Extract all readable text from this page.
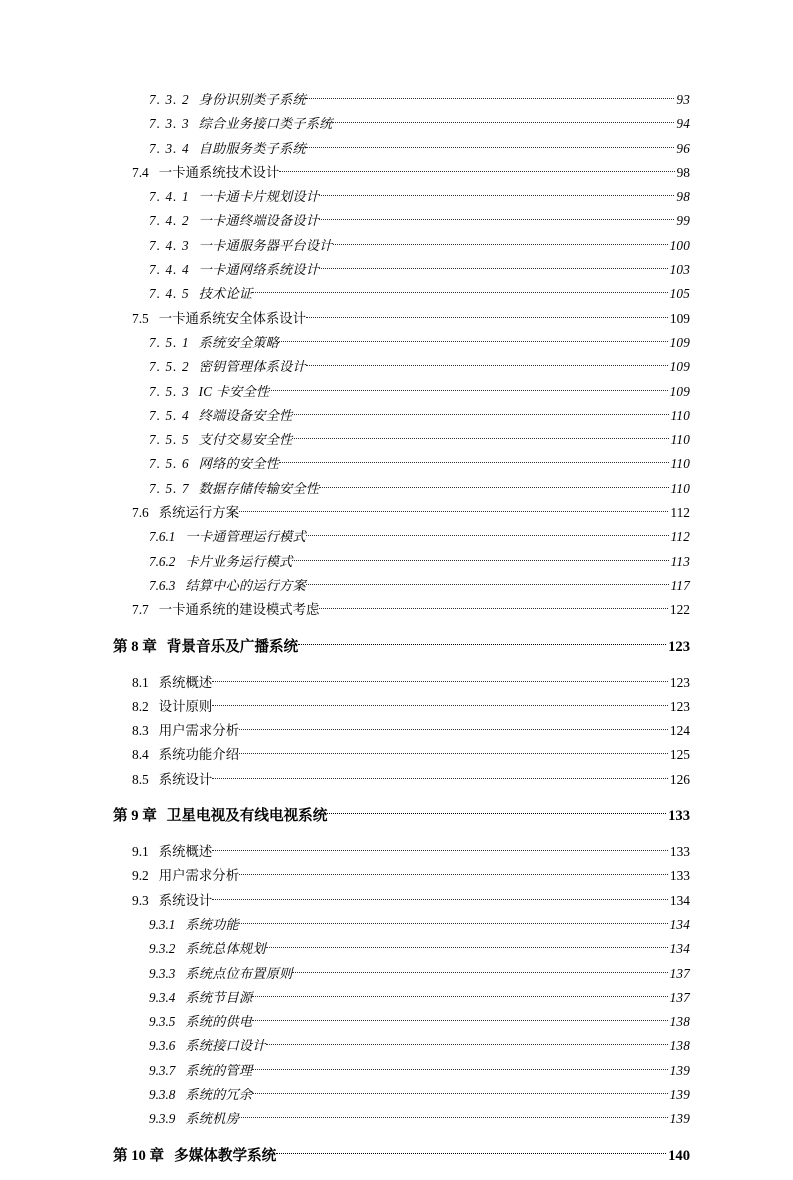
7. 3. 2 身份识别类子系统	93
7. 3. 3 综合业务接口类子系统	94
7. 3. 4 自助服务类子系统	96
7.4 一卡通系统技术设计	98
7. 4. 1 一卡通卡片规划设计	98
7. 4. 2 一卡通终端设备设计	99
7. 4. 3 一卡通服务器平台设计	100
7. 4. 4 一卡通网络系统设计	103
7. 4. 5 技术论证	105
7.5 一卡通系统安全体系设计	109
7. 5. 1 系统安全策略	109
7. 5. 2 密钥管理体系设计	109
7. 5. 3 IC 卡安全性	109
7. 5. 4 终端设备安全性	110
7. 5. 5 支付交易安全性	110
7. 5. 6 网络的安全性	110
7. 5. 7 数据存储传输安全性	110
7.6 系统运行方案	112
7.6.1 一卡通管理运行模式	112
7.6.2 卡片业务运行模式	113
7.6.3 结算中心的运行方案	117
7.7 一卡通系统的建设模式考虑	122
第 8 章 背景音乐及广播系统	123
8.1 系统概述	123
8.2 设计原则	123
8.3 用户需求分析	124
8.4 系统功能介绍	125
8.5 系统设计	126
第 9 章 卫星电视及有线电视系统	133
9.1 系统概述	133
9.2 用户需求分析	133
9.3 系统设计	134
9.3.1 系统功能	134
9.3.2 系统总体规划	134
9.3.3 系统点位布置原则	137
9.3.4 系统节目源	137
9.3.5 系统的供电	138
9.3.6 系统接口设计	138
9.3.7 系统的管理	139
9.3.8 系统的冗余	139
9.3.9 系统机房	139
第 10 章 多媒体教学系统	140
